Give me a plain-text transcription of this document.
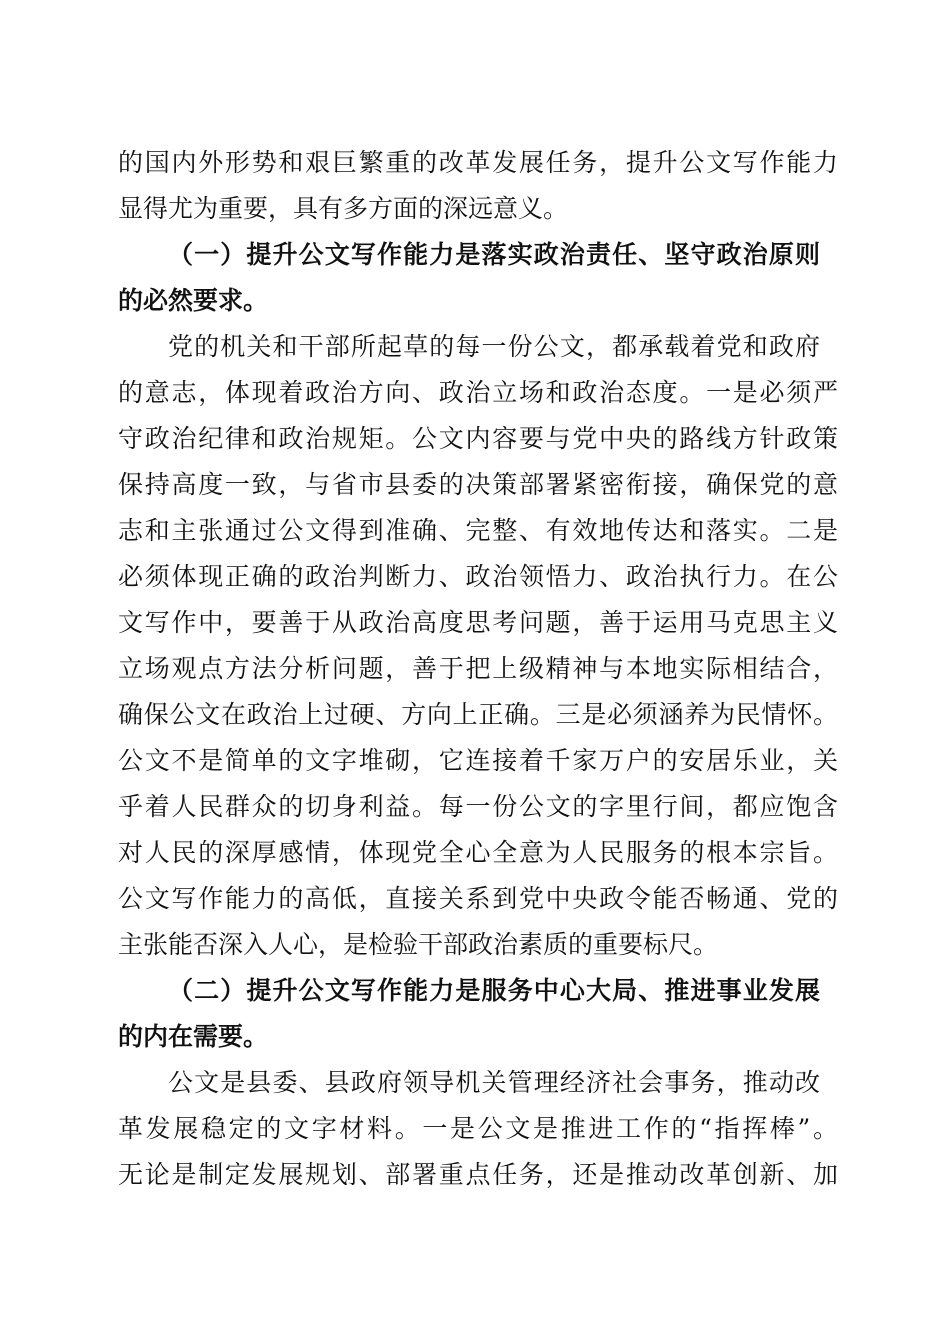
的国内外形势和艰巨繁重的改革发展任务，提升公文写作能力
显得尤为重要，具有多方面的深远意义。
（一）提升公文写作能力是落实政治责任、坚守政治原则
的必然要求。
党的机关和干部所起草的每一份公文，都承载着党和政府
的意志，体现着政治方向、政治立场和政治态度。一是必须严
守政治纪律和政治规矩。公文内容要与党中央的路线方针政策
保持高度一致，与省市县委的决策部署紧密衔接，确保党的意
志和主张通过公文得到准确、完整、有效地传达和落实。二是
必须体现正确的政治判断力、政治领悟力、政治执行力。在公
文写作中，要善于从政治高度思考问题，善于运用马克思主义
立场观点方法分析问题，善于把上级精神与本地实际相结合，
确保公文在政治上过硬、方向上正确。三是必须涵养为民情怀。
公文不是简单的文字堆砌，它连接着千家万户的安居乐业，关
乎着人民群众的切身利益。每一份公文的字里行间，都应饱含
对人民的深厚感情，体现党全心全意为人民服务的根本宗旨。
公文写作能力的高低，直接关系到党中央政令能否畅通、党的
主张能否深入人心，是检验干部政治素质的重要标尺。
（二）提升公文写作能力是服务中心大局、推进事业发展
的内在需要。
公文是县委、县政府领导机关管理经济社会事务，推动改
革发展稳定的文字材料。一是公文是推进工作的“指挥棒”。
无论是制定发展规划、部署重点任务，还是推动改革创新、加
